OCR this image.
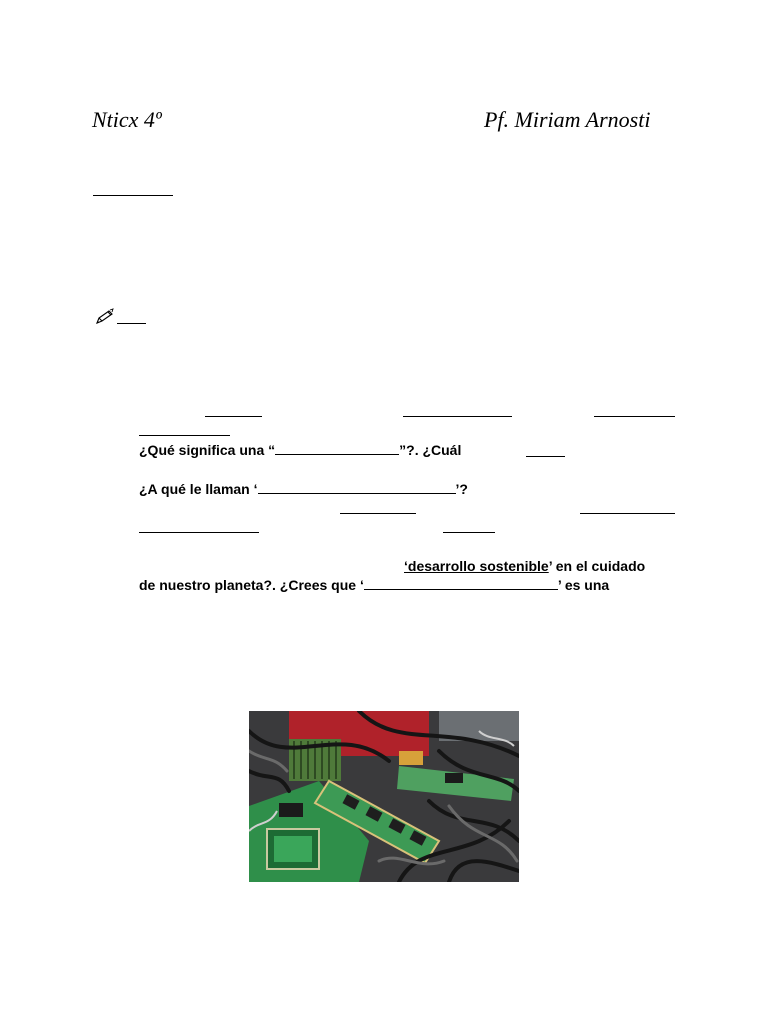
Nticx 4º	Pf. Miriam Arnosti
¿Qué significa una “	”?. ¿Cuál
¿A qué le llaman ‘	’?
‘desarrollo sostenible’ en el cuidado
de nuestro planeta?. ¿Crees que ‘	’ es una
